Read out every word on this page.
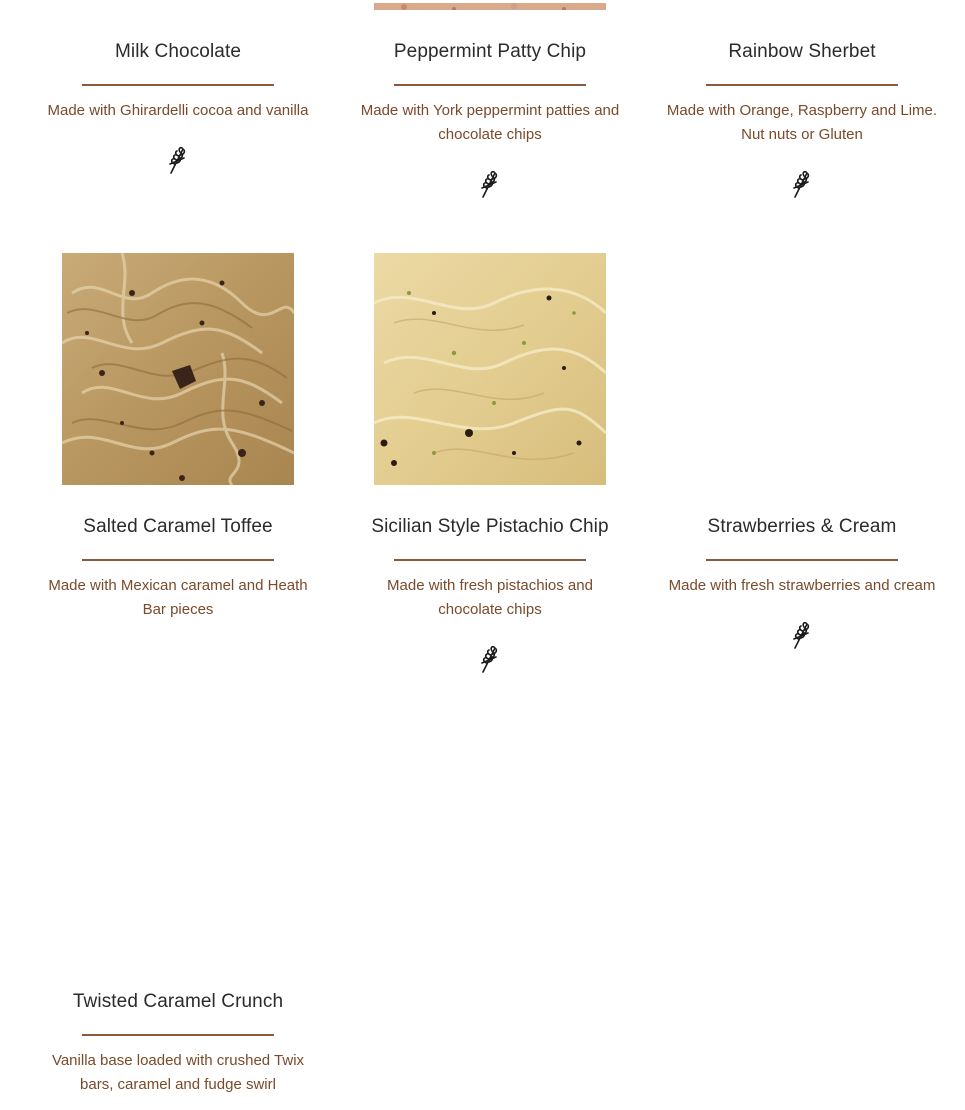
Milk Chocolate
Made with Ghirardelli cocoa and vanilla
Peppermint Patty Chip
Made with York peppermint patties and chocolate chips
Rainbow Sherbet
Made with Orange, Raspberry and Lime. Nut nuts or Gluten
Salted Caramel Toffee
Made with Mexican caramel and Heath Bar pieces
Sicilian Style Pistachio Chip
Made with fresh pistachios and chocolate chips
Strawberries & Cream
Made with fresh strawberries and cream
Twisted Caramel Crunch
Vanilla base loaded with crushed Twix bars, caramel and fudge swirl
